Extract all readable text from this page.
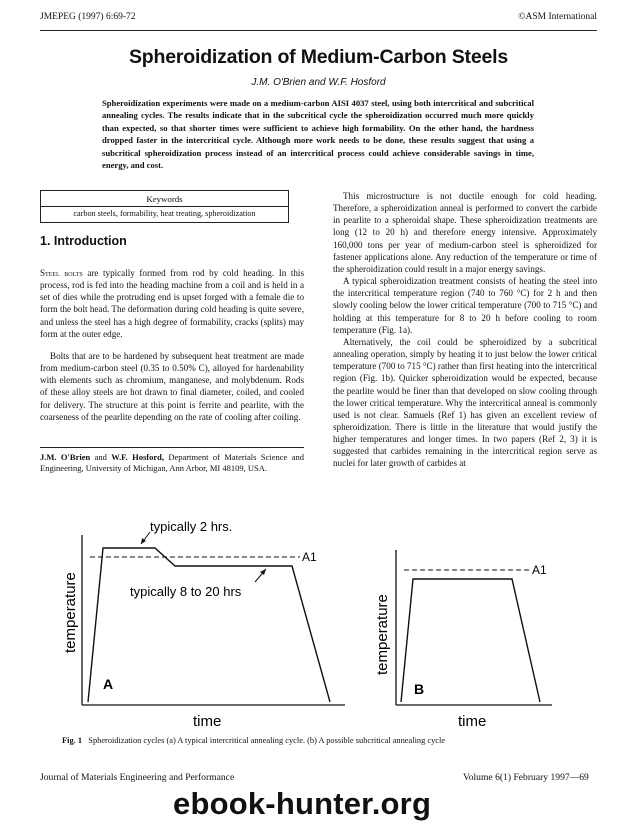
JMEPEG (1997) 6:69-72	©ASM International
Spheroidization of Medium-Carbon Steels
J.M. O'Brien and W.F. Hosford
Spheroidization experiments were made on a medium-carbon AISI 4037 steel, using both intercritical and subcritical annealing cycles. The results indicate that in the subcritical cycle the spheroidization occurred much more quickly than expected, so that shorter times were sufficient to achieve high formability. On the other hand, the hardness dropped faster in the intercritical cycle. Although more work needs to be done, these results suggest that using a subcritical spheroidization process instead of an intercritical process could achieve considerable savings in time, energy, and cost.
Keywords
carbon steels, formability, heat treating, spheroidization
1. Introduction

Steel bolts are typically formed from rod by cold heading. In this process, rod is fed into the heading machine from a coil and is held in a set of dies while the protruding end is upset forged with a female die to form the bolt head. The deformation during cold heading is quite severe, and unless the steel has a high degree of formability, cracks (splits) may form at the outer edge.

Bolts that are to be hardened by subsequent heat treatment are made from medium-carbon steel (0.35 to 0.50% C), alloyed for hardenability with elements such as chromium, manganese, and molybdenum. Rods of these alloy steels are hot drawn to final diameter, coiled, and cooled for delivery. The structure at this point is ferrite and pearlite, with the coarseness of the pearlite depending on the rate of cooling after coiling.

J.M. O'Brien and W.F. Hosford, Department of Materials Science and Engineering, University of Michigan, Ann Arbor, MI 48109, USA.

This microstructure is not ductile enough for cold heading. Therefore, a spheroidization anneal is performed to convert the carbide in pearlite to a spheroidal shape. These spheroidization treatments are long (12 to 20 h) and therefore energy intensive. Approximately 160,000 tons per year of medium-carbon steel is spheroidized for fastener applications alone. Any reduction of the temperature or time of the spheroidization could result in a major energy savings.

A typical spheroidization treatment consists of heating the steel into the intercritical temperature region (740 to 760 °C) for 2 h and then slowly cooling below the lower critical temperature (700 to 715 °C) and holding at this temperature for 8 to 20 h before cooling to room temperature (Fig. 1a).

Alternatively, the coil could be spheroidized by a subcritical annealing operation, simply by heating it to just below the lower critical temperature (700 to 715 °C) rather than first heating into the intercritical region (Fig. 1b). Quicker spheroidization would be expected, because the pearlite would be finer than that developed on slow cooling through the lower critical temperature. Why the intercritical anneal is commonly used is not clear. Samuels (Ref 1) has given an excellent review of spheroidization. There is little in the literature that would justify the higher temperatures and longer times. In two papers (Ref 2, 3) it is suggested that carbides remaining in the intercritical region serve as nuclei for later growth of carbides at

typically 2 hrs.
typically 8 to 20 hrs
A1
A
temperature
time
A1
B
temperature
time
Fig. 1 Spheroidization cycles (a) A typical intercritical annealing cycle. (b) A possible subcritical annealing cycle
Journal of Materials Engineering and Performance	Volume 6(1) February 1997—69
ebook-hunter.org
